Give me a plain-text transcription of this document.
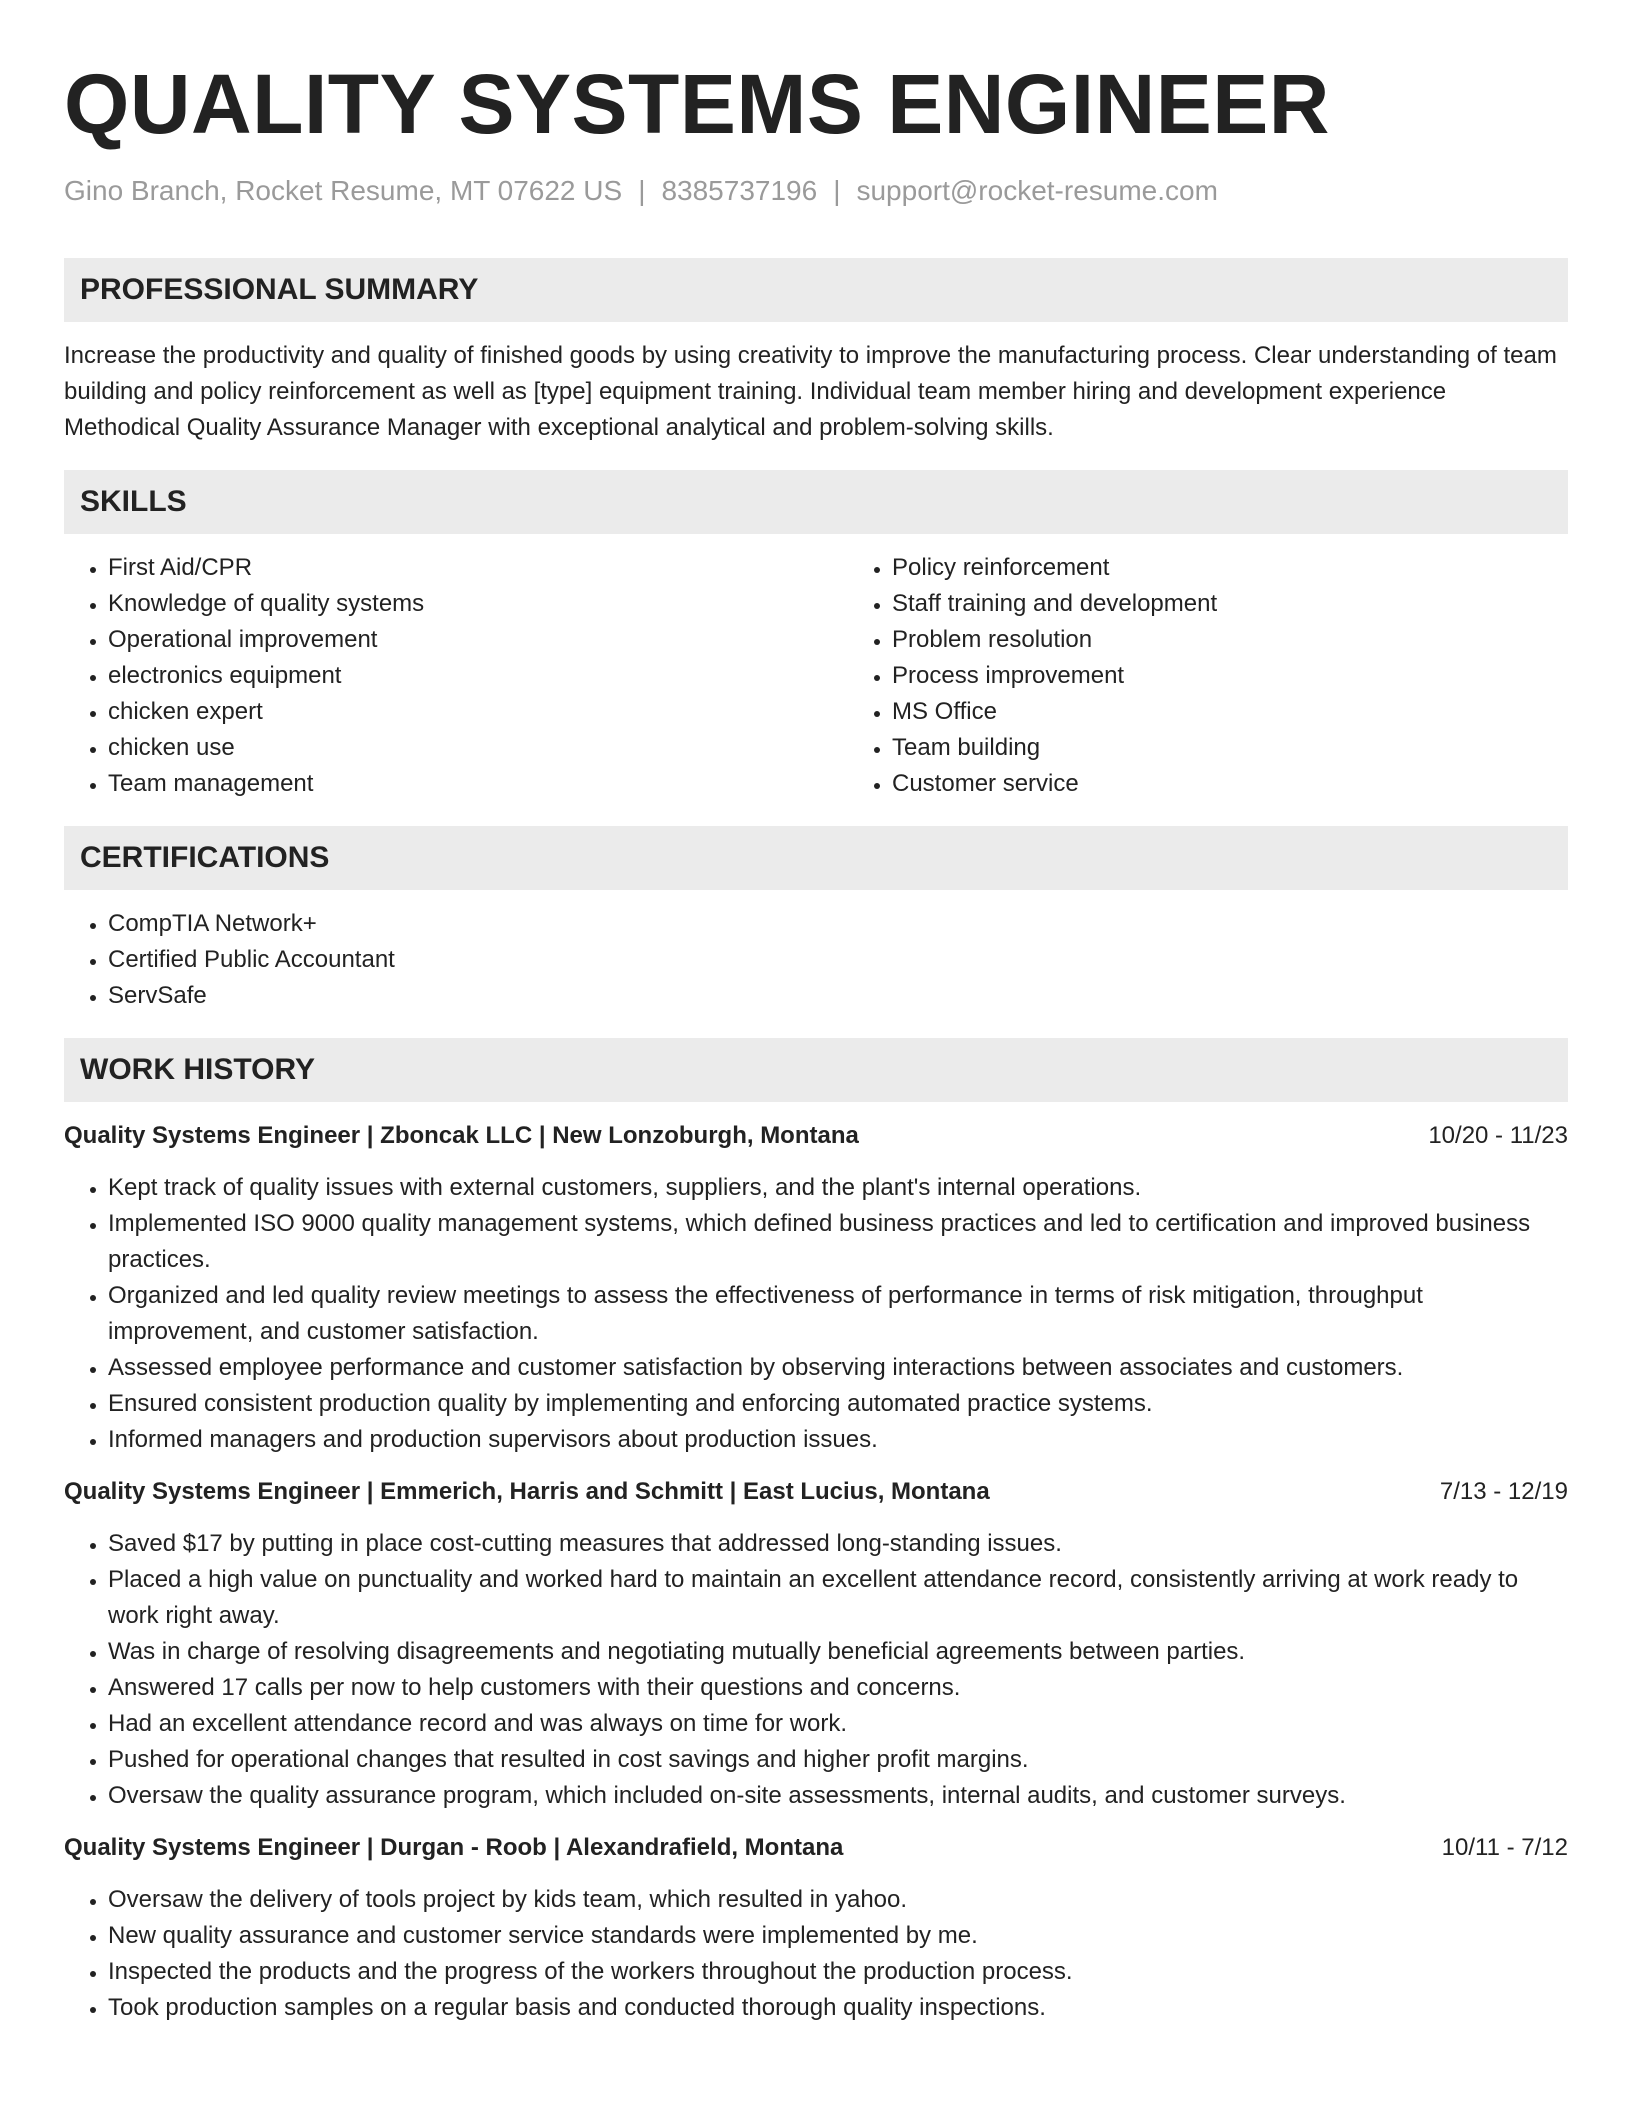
QUALITY SYSTEMS ENGINEER
Gino Branch, Rocket Resume, MT 07622 US | 8385737196 | support@rocket-resume.com
PROFESSIONAL SUMMARY

Increase the productivity and quality of finished goods by using creativity to improve the manufacturing process. Clear understanding of team building and policy reinforcement as well as [type] equipment training. Individual team member hiring and development experience Methodical Quality Assurance Manager with exceptional analytical and problem-solving skills.

SKILLS
• First Aid/CPR
• Knowledge of quality systems
• Operational improvement
• electronics equipment
• chicken expert
• chicken use
• Team management
• Policy reinforcement
• Staff training and development
• Problem resolution
• Process improvement
• MS Office
• Team building
• Customer service
CERTIFICATIONS
• CompTIA Network+
• Certified Public Accountant
• ServSafe
WORK HISTORY
Quality Systems Engineer | Zboncak LLC | New Lonzoburgh, Montana	10/20 - 11/23
• Kept track of quality issues with external customers, suppliers, and the plant's internal operations.
• Implemented ISO 9000 quality management systems, which defined business practices and led to certification and improved business practices.
• Organized and led quality review meetings to assess the effectiveness of performance in terms of risk mitigation, throughput improvement, and customer satisfaction.
• Assessed employee performance and customer satisfaction by observing interactions between associates and customers.
• Ensured consistent production quality by implementing and enforcing automated practice systems.
• Informed managers and production supervisors about production issues.
Quality Systems Engineer | Emmerich, Harris and Schmitt | East Lucius, Montana	7/13 - 12/19
• Saved $17 by putting in place cost-cutting measures that addressed long-standing issues.
• Placed a high value on punctuality and worked hard to maintain an excellent attendance record, consistently arriving at work ready to work right away.
• Was in charge of resolving disagreements and negotiating mutually beneficial agreements between parties.
• Answered 17 calls per now to help customers with their questions and concerns.
• Had an excellent attendance record and was always on time for work.
• Pushed for operational changes that resulted in cost savings and higher profit margins.
• Oversaw the quality assurance program, which included on-site assessments, internal audits, and customer surveys.
Quality Systems Engineer | Durgan - Roob | Alexandrafield, Montana	10/11 - 7/12
• Oversaw the delivery of tools project by kids team, which resulted in yahoo.
• New quality assurance and customer service standards were implemented by me.
• Inspected the products and the progress of the workers throughout the production process.
• Took production samples on a regular basis and conducted thorough quality inspections.
